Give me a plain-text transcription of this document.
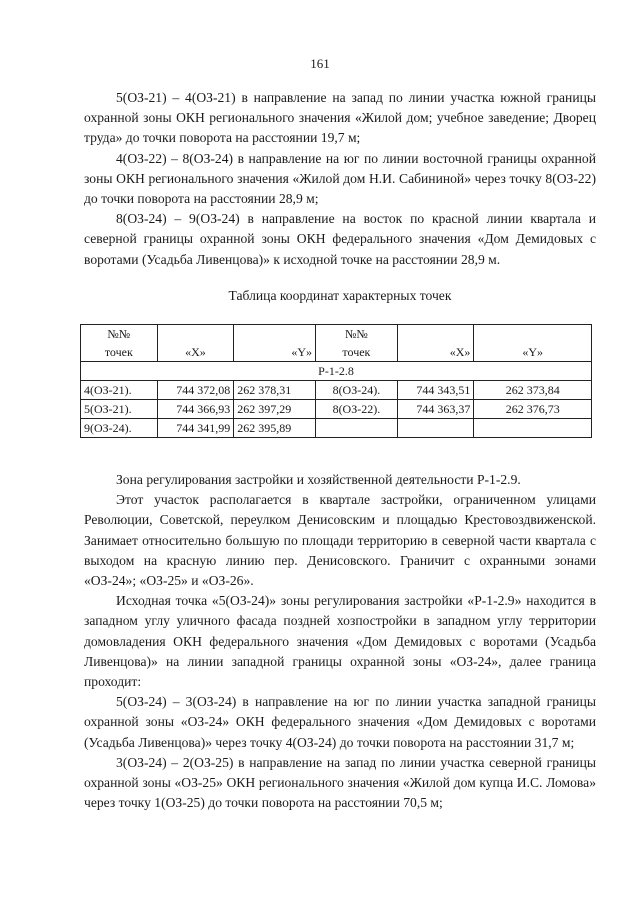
161

5(ОЗ-21) – 4(ОЗ-21) в направление на запад по линии участка южной границы охранной зоны ОКН регионального значения «Жилой дом; учебное заведение; Дворец труда» до точки поворота на расстоянии 19,7 м;

4(ОЗ-22) – 8(ОЗ-24) в направление на юг по линии восточной границы охранной зоны ОКН регионального значения «Жилой дом Н.И. Сабининой» через точку 8(ОЗ-22) до точки поворота на расстоянии 28,9 м;

8(ОЗ-24) – 9(ОЗ-24) в направление на восток по красной линии квартала и северной границы охранной зоны ОКН федерального значения «Дом Демидовых с воротами (Усадьба Ливенцова)» к исходной точке на расстоянии 28,9 м.

Таблица координат характерных точек

№№			№№		
точек	«X»	«Y»	точек	«X»	«Y»
Р-1-2.8					
4(ОЗ-21).	744 372,08	262 378,31	8(ОЗ-24).	744 343,51	262 373,84
5(ОЗ-21).	744 366,93	262 397,29	8(ОЗ-22).	744 363,37	262 376,73
9(ОЗ-24).	744 341,99	262 395,89			

Зона регулирования застройки и хозяйственной деятельности Р-1-2.9.

Этот участок располагается в квартале застройки, ограниченном улицами Революции, Советской, переулком Денисовским и площадью Крестовоздвиженской. Занимает относительно большую по площади территорию в северной части квартала с выходом на красную линию пер. Денисовского. Граничит с охранными зонами «ОЗ-24»; «ОЗ-25» и «ОЗ-26».

Исходная точка «5(ОЗ-24)» зоны регулирования застройки «Р-1-2.9» находится в западном углу уличного фасада поздней хозпостройки в западном углу территории домовладения ОКН федерального значения «Дом Демидовых с воротами (Усадьба Ливенцова)» на линии западной границы охранной зоны «ОЗ-24», далее граница проходит:

5(ОЗ-24) – 3(ОЗ-24) в направление на юг по линии участка западной границы охранной зоны «ОЗ-24» ОКН федерального значения «Дом Демидовых с воротами (Усадьба Ливенцова)» через точку 4(ОЗ-24) до точки поворота на расстоянии 31,7 м;

3(ОЗ-24) – 2(ОЗ-25) в направление на запад по линии участка северной границы охранной зоны «ОЗ-25» ОКН регионального значения «Жилой дом купца И.С. Ломова» через точку 1(ОЗ-25) до точки поворота на расстоянии 70,5 м;
